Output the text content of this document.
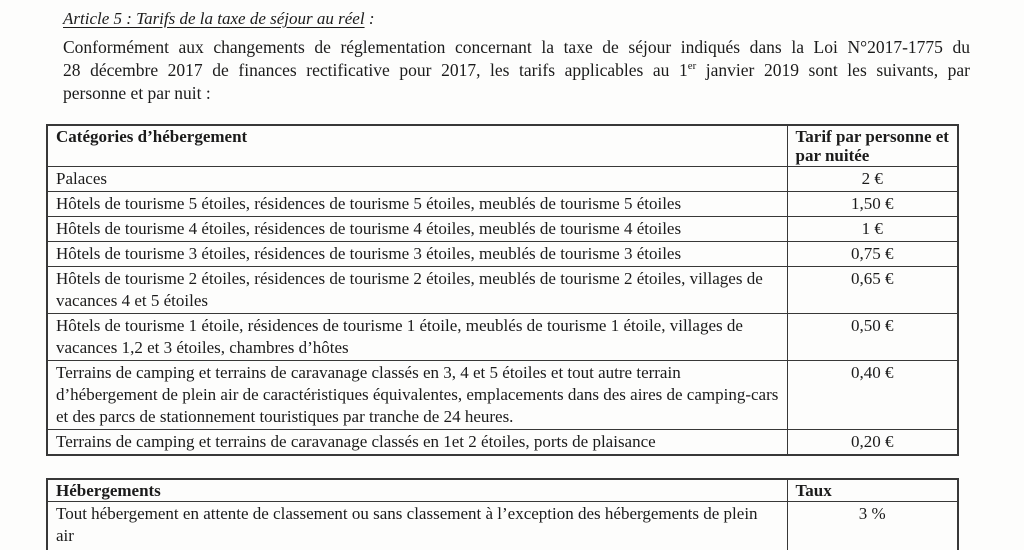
Article 5 : Tarifs de la taxe de séjour au réel :

Conformément aux changements de réglementation concernant la taxe de séjour indiqués dans la Loi N°2017-1775 du
28 décembre 2017 de finances rectificative pour 2017, les tarifs applicables au 1er janvier 2019 sont les suivants, par
personne et par nuit :

Catégories d’hébergement	Tarif par personne et par nuitée
Palaces	2 €
Hôtels de tourisme 5 étoiles, résidences de tourisme 5 étoiles, meublés de tourisme 5 étoiles	1,50 €
Hôtels de tourisme 4 étoiles, résidences de tourisme 4 étoiles, meublés de tourisme 4 étoiles	1 €
Hôtels de tourisme 3 étoiles, résidences de tourisme 3 étoiles, meublés de tourisme 3 étoiles	0,75 €
Hôtels de tourisme 2 étoiles, résidences de tourisme 2 étoiles, meublés de tourisme 2 étoiles, villages de vacances 4 et 5 étoiles	0,65 €
Hôtels de tourisme 1 étoile, résidences de tourisme 1 étoile, meublés de tourisme 1 étoile, villages de vacances 1,2 et 3 étoiles, chambres d’hôtes	0,50 €
Terrains de camping et terrains de caravanage classés en 3, 4 et 5 étoiles et tout autre terrain d’hébergement de plein air de caractéristiques équivalentes, emplacements dans des aires de camping-cars et des parcs de stationnement touristiques par tranche de 24 heures.	0,40 €
Terrains de camping et terrains de caravanage classés en 1et 2 étoiles, ports de plaisance	0,20 €
Hébergements	Taux
Tout hébergement en attente de classement ou sans classement à l’exception des hébergements de plein air	3 %
